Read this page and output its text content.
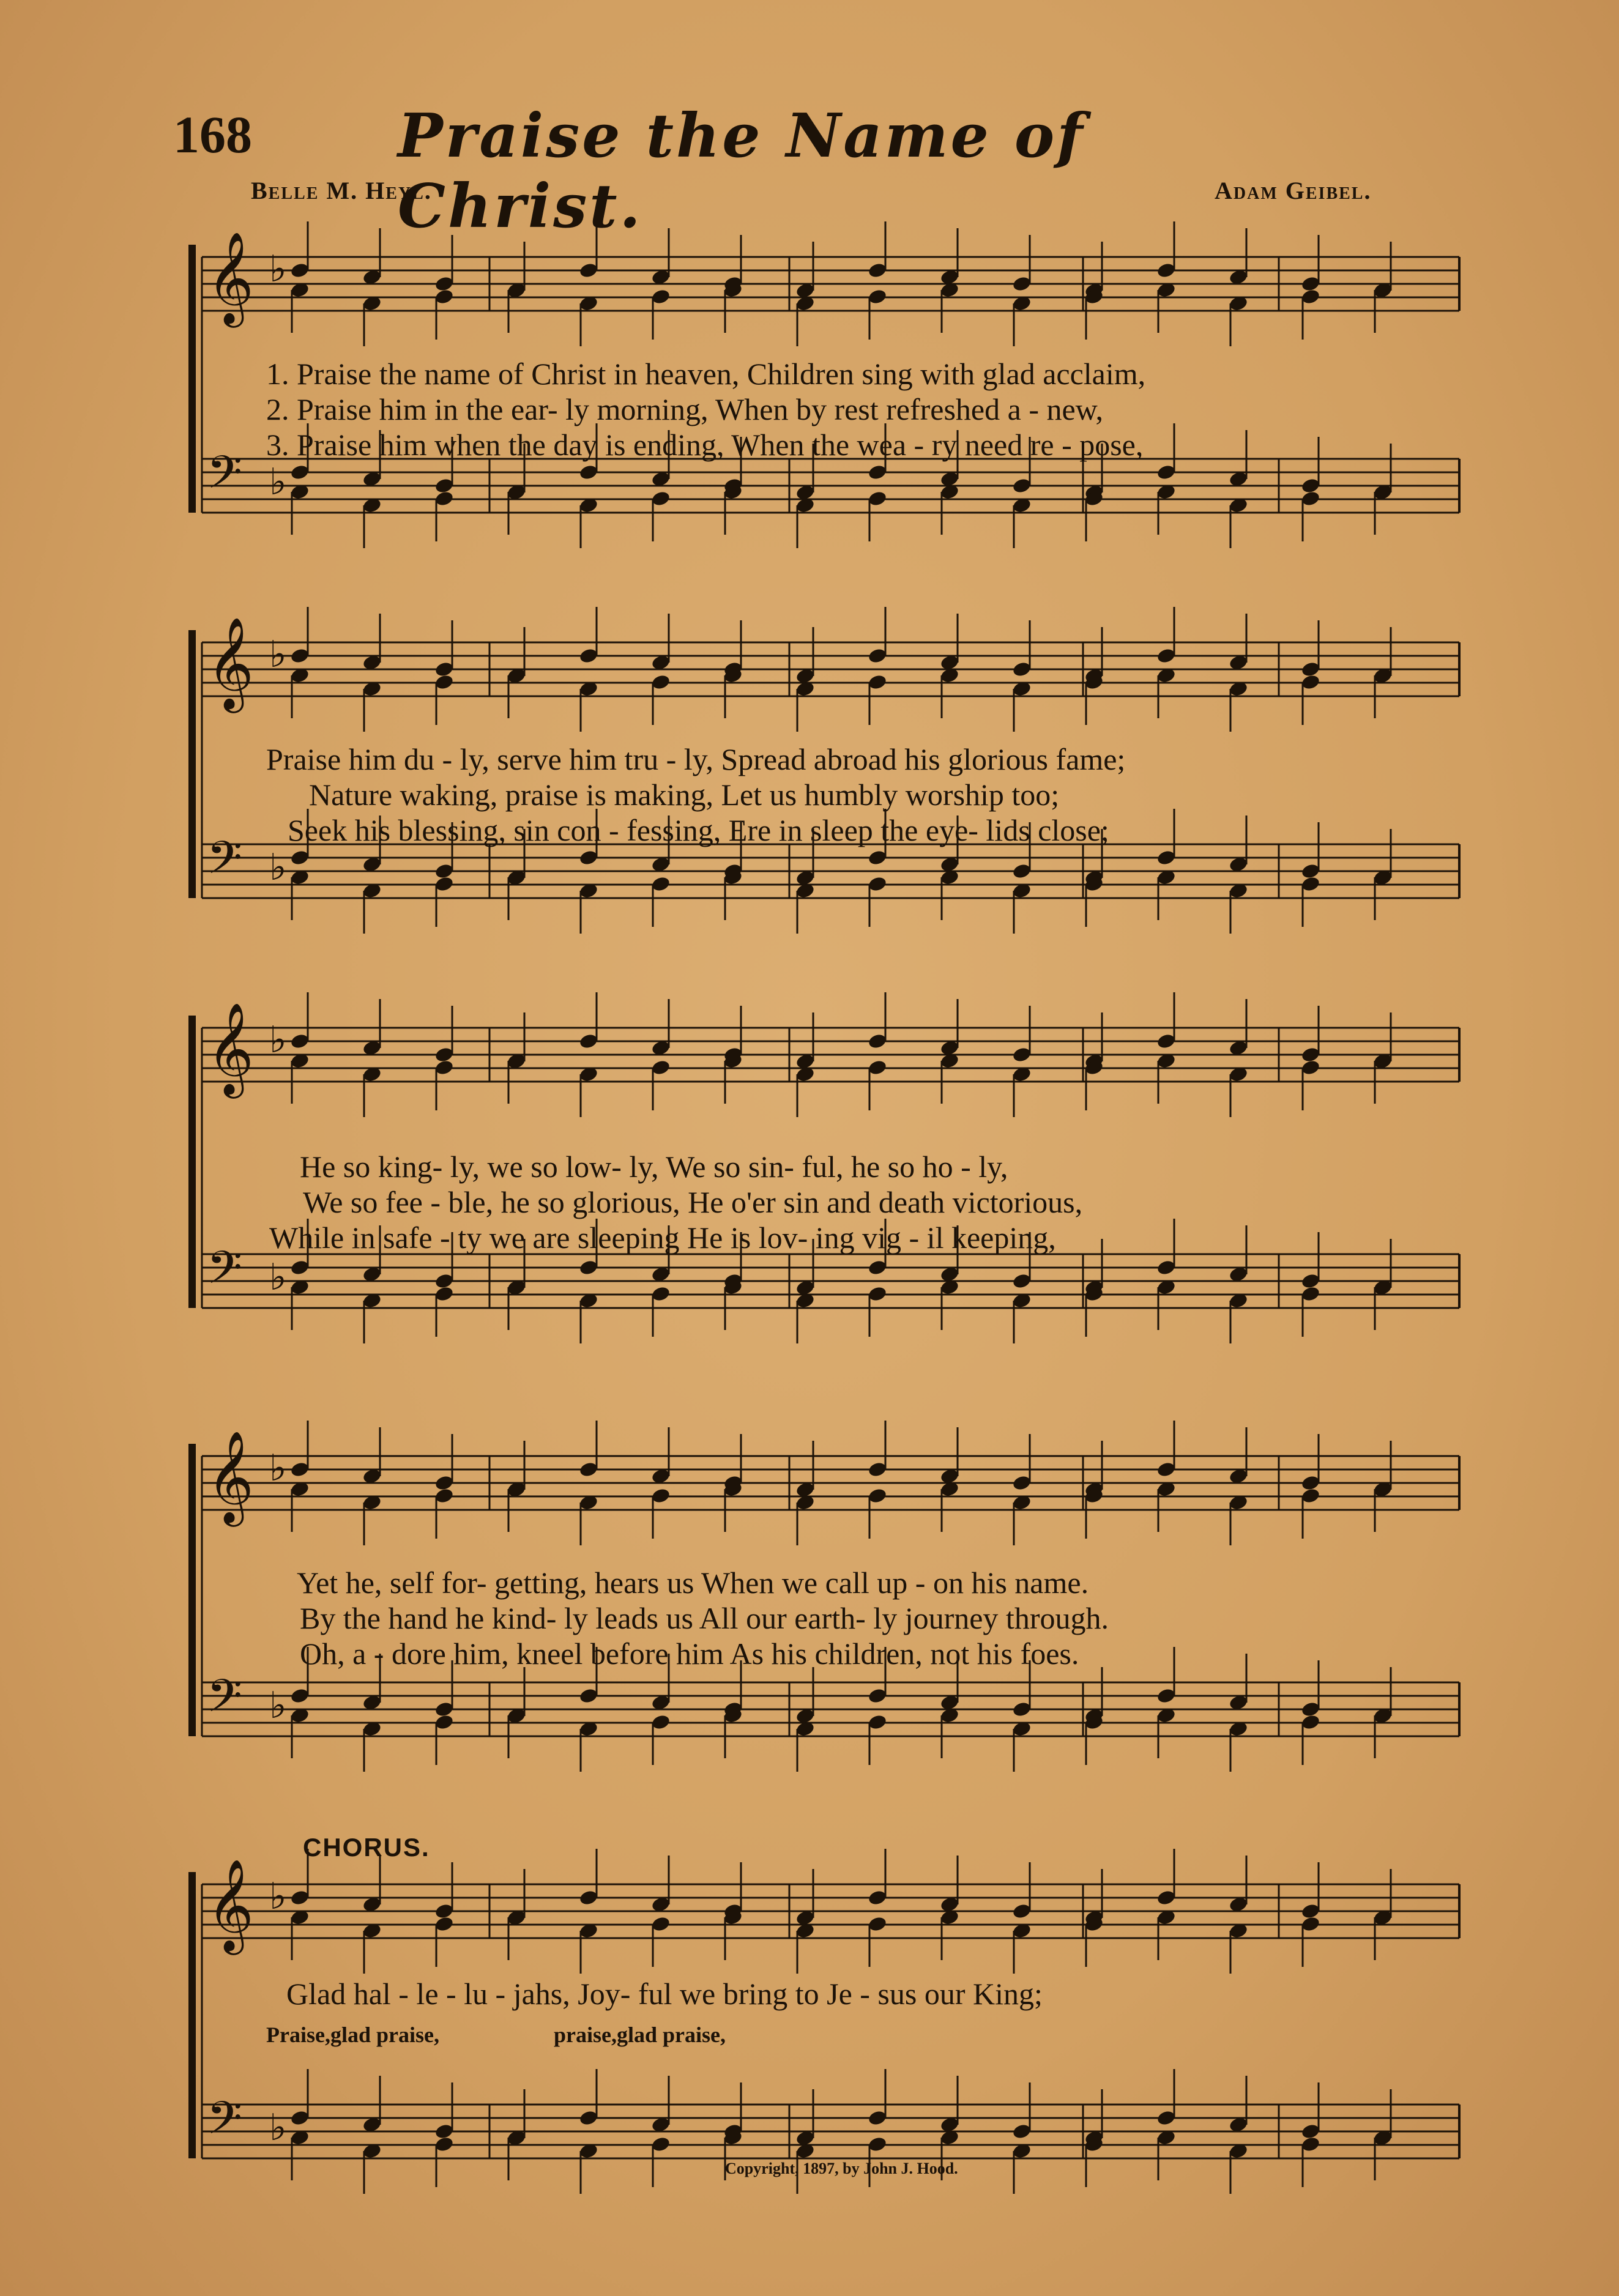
168 Praise the Name of Christ.
Belle M. Heyl.	Adam Geibel.
𝄞 ♭
𝄢 ♭
1. Praise the name of Christ in heaven, Children sing with glad acclaim,
2. Praise him in the ear- ly morning, When by rest refreshed a - new,
3. Praise him when the day is ending, When the wea - ry need re - pose,
𝄞 ♭
𝄢 ♭
Praise him du - ly, serve him tru - ly, Spread abroad his glorious fame;
Nature waking, praise is making, Let us humbly worship too;
Seek his blessing, sin con - fessing, Ere in sleep the eye- lids close;
𝄞 ♭
𝄢 ♭
He so king- ly, we so low- ly, We so sin- ful, he so ho - ly,
We so fee - ble, he so glorious, He o'er sin and death victorious,
While in safe - ty we are sleeping He is lov- ing vig - il keeping,
𝄞 ♭
𝄢 ♭
Yet he, self for- getting, hears us When we call up - on his name.
By the hand he kind- ly leads us All our earth- ly journey through.
Oh, a - dore him, kneel before him As his children, not his foes.
𝄞 ♭
𝄢 ♭
CHORUS.
Glad hal - le - lu - jahs, Joy- ful we bring to Je - sus our King;
Praise,glad praise,	praise,glad praise,
Copyright, 1897, by John J. Hood.
